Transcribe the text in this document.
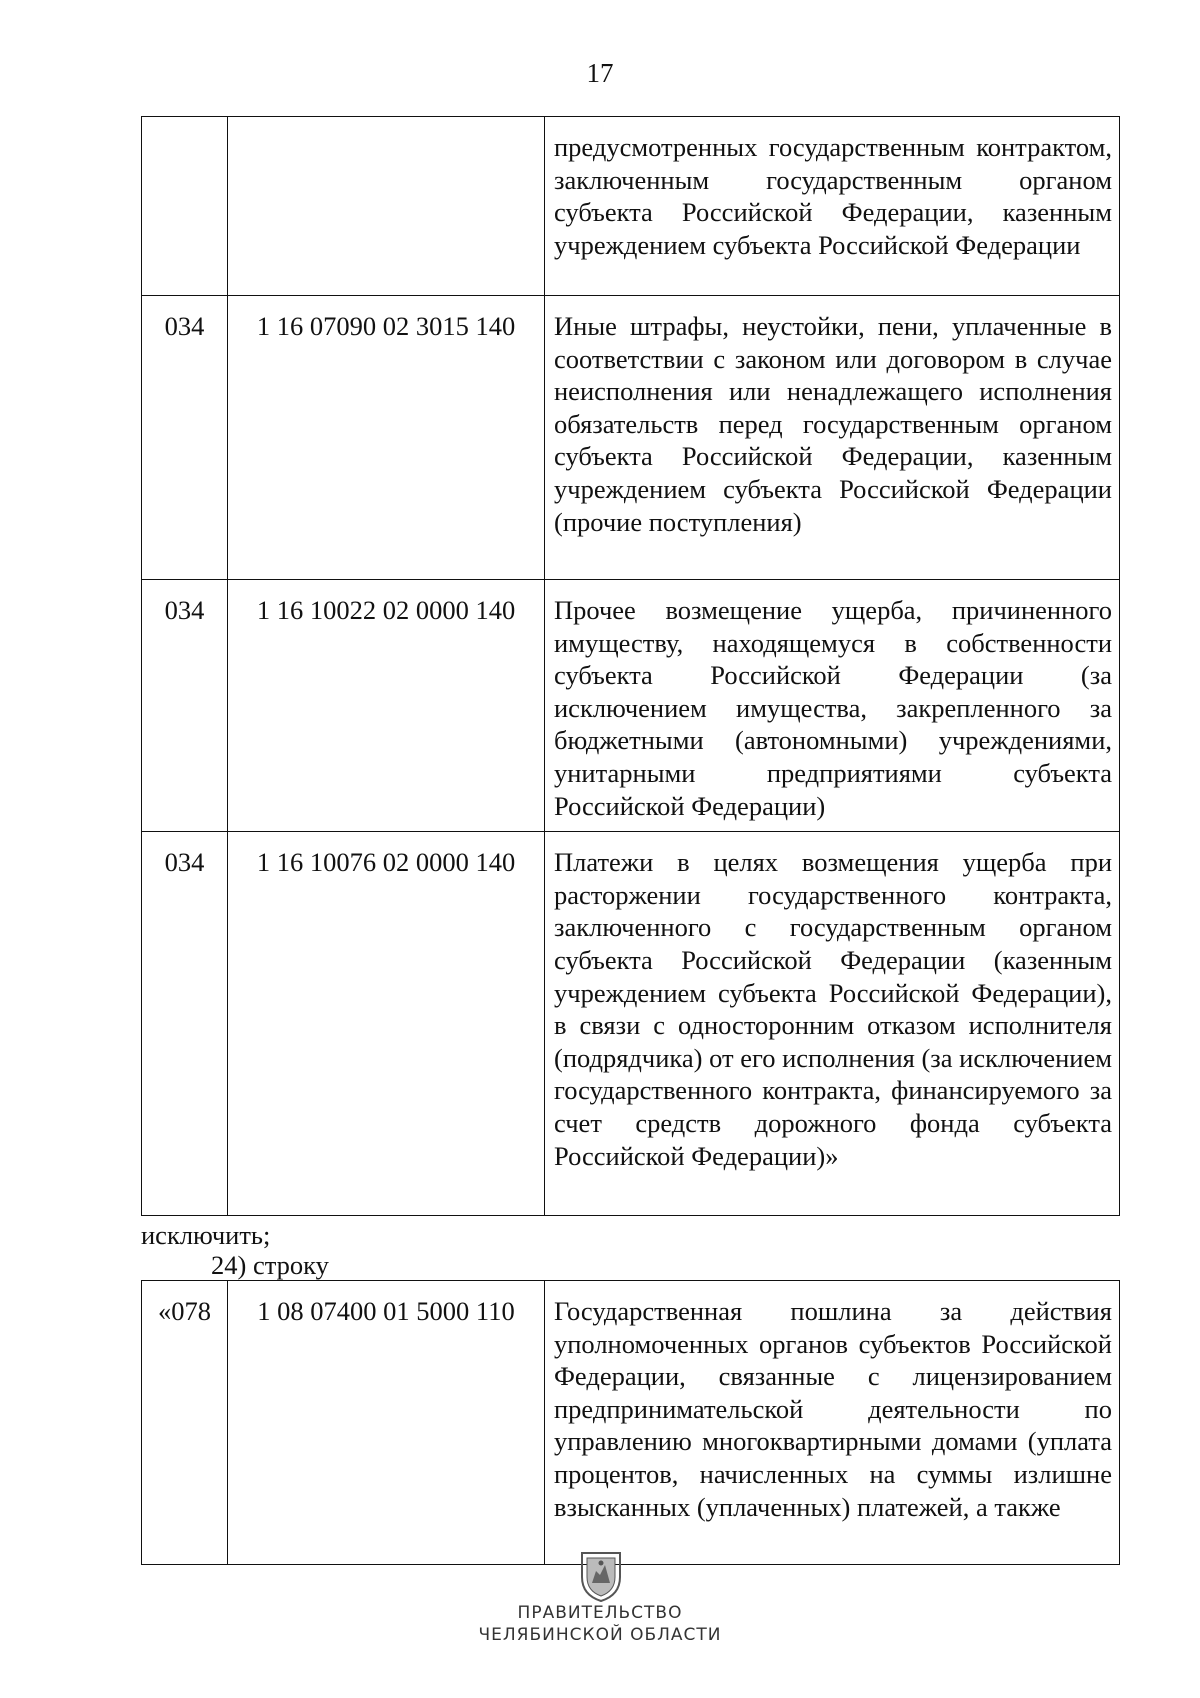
17
		предусмотренных государственным контрактом, заключенным государственным органом субъекта Российской Федерации, казенным учреждением субъекта Российской Федерации
034	1 16 07090 02 3015 140	Иные штрафы, неустойки, пени, уплаченные в соответствии с законом или договором в случае неисполнения или ненадлежащего исполнения обязательств перед государственным органом субъекта Российской Федерации, казенным учреждением субъекта Российской Федерации (прочие поступления)
034	1 16 10022 02 0000 140	Прочее возмещение ущерба, причиненного имуществу, находящемуся в собственности субъекта Российской Федерации (за исключением имущества, закрепленного за бюджетными (автономными) учреждениями, унитарными предприятиями субъекта Российской Федерации)
034	1 16 10076 02 0000 140	Платежи в целях возмещения ущерба при расторжении государственного контракта, заключенного с государственным органом субъекта Российской Федерации (казенным учреждением субъекта Российской Федерации), в связи с односторонним отказом исполнителя (подрядчика) от его исполнения (за исключением государственного контракта, финансируемого за счет средств дорожного фонда субъекта Российской Федерации)»
исключить;
24) строку
«078	1 08 07400 01 5000 110	Государственная пошлина за действия уполномоченных органов субъектов Российской Федерации, связанные с лицензированием предпринимательской деятельности по управлению многоквартирными домами (уплата процентов, начисленных на суммы излишне взысканных (уплаченных) платежей, а также
ПРАВИТЕЛЬСТВО
ЧЕЛЯБИНСКОЙ ОБЛАСТИ
